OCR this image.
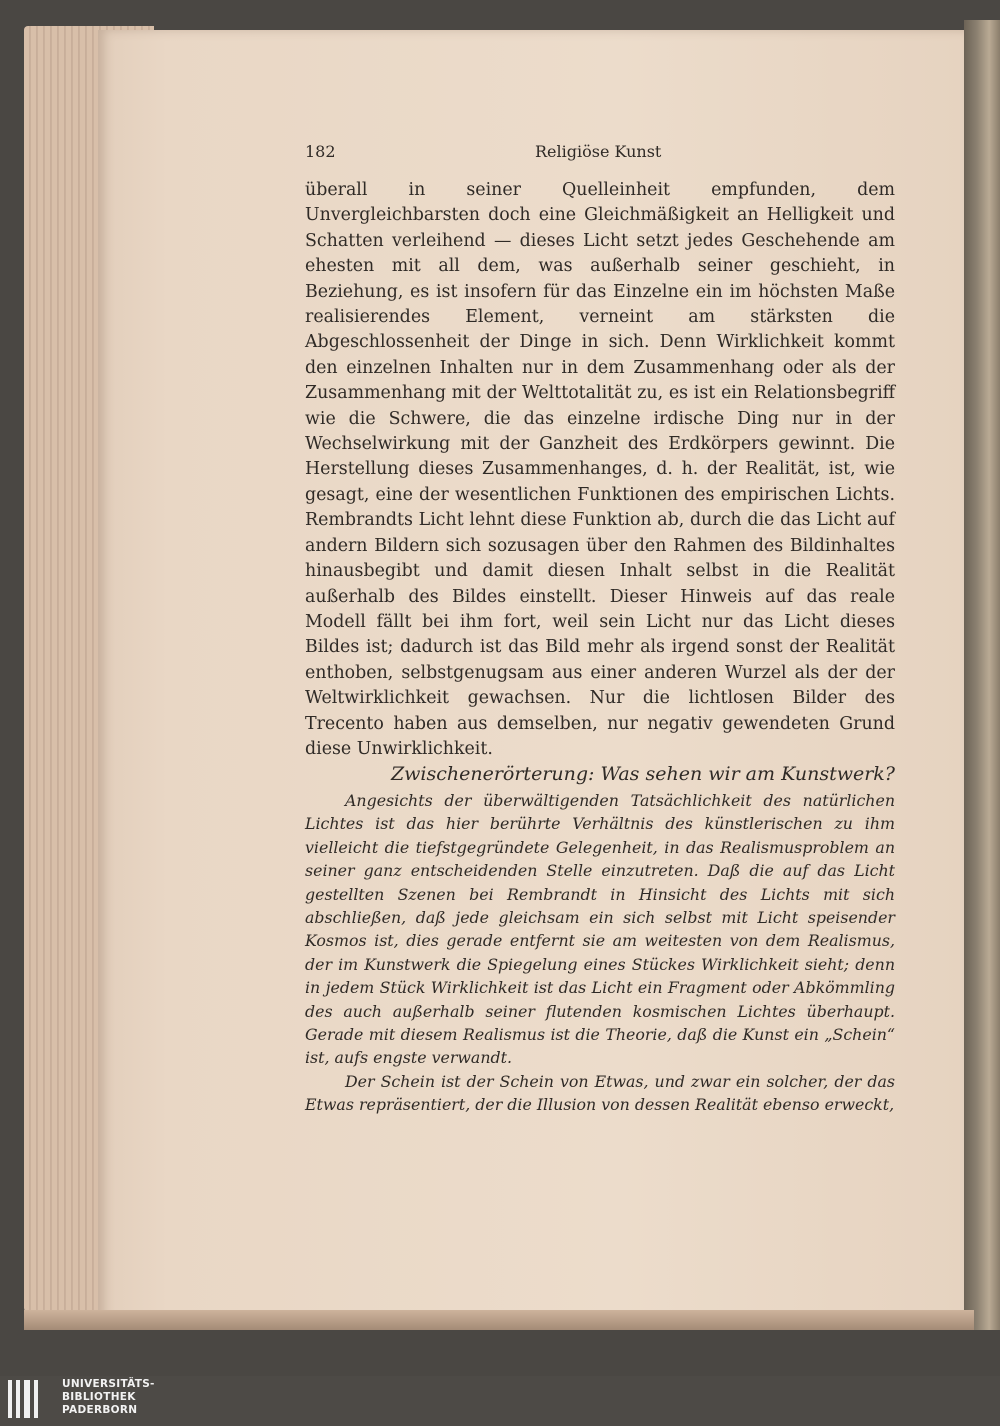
182	Religiöse Kunst

überall in seiner Quelleinheit empfunden, dem Unvergleichbarsten doch eine Gleichmäßigkeit an Helligkeit und Schatten verleihend — dieses Licht setzt jedes Geschehende am ehesten mit all dem, was außerhalb seiner geschieht, in Beziehung, es ist insofern für das Einzelne ein im höchsten Maße realisierendes Element, verneint am stärksten die Abgeschlossenheit der Dinge in sich. Denn Wirklichkeit kommt den einzelnen Inhalten nur in dem Zusammenhang oder als der Zusammenhang mit der Welttotalität zu, es ist ein Relationsbegriff wie die Schwere, die das einzelne irdische Ding nur in der Wechselwirkung mit der Ganzheit des Erdkörpers gewinnt. Die Herstellung dieses Zusammenhanges, d. h. der Realität, ist, wie gesagt, eine der wesentlichen Funktionen des empirischen Lichts. Rembrandts Licht lehnt diese Funktion ab, durch die das Licht auf andern Bildern sich sozusagen über den Rahmen des Bildinhaltes hinausbegibt und damit diesen Inhalt selbst in die Realität außerhalb des Bildes einstellt. Dieser Hinweis auf das reale Modell fällt bei ihm fort, weil sein Licht nur das Licht dieses Bildes ist; dadurch ist das Bild mehr als irgend sonst der Realität enthoben, selbstgenugsam aus einer anderen Wurzel als der der Weltwirklichkeit gewachsen. Nur die lichtlosen Bilder des Trecento haben aus demselben, nur negativ gewendeten Grund diese Unwirklichkeit.

Zwischenerörterung: Was sehen wir am Kunstwerk?

Angesichts der überwältigenden Tatsächlichkeit des natürlichen Lichtes ist das hier berührte Verhältnis des künstlerischen zu ihm vielleicht die tiefstgegründete Gelegenheit, in das Realismusproblem an seiner ganz entscheidenden Stelle einzutreten. Daß die auf das Licht gestellten Szenen bei Rembrandt in Hinsicht des Lichts mit sich abschließen, daß jede gleichsam ein sich selbst mit Licht speisender Kosmos ist, dies gerade entfernt sie am weitesten von dem Realismus, der im Kunstwerk die Spiegelung eines Stückes Wirklichkeit sieht; denn in jedem Stück Wirklichkeit ist das Licht ein Fragment oder Abkömmling des auch außerhalb seiner flutenden kosmischen Lichtes überhaupt. Gerade mit diesem Realismus ist die Theorie, daß die Kunst ein „Schein“ ist, aufs engste verwandt.

Der Schein ist der Schein von Etwas, und zwar ein solcher, der das Etwas repräsentiert, der die Illusion von dessen Realität ebenso erweckt,

UNIVERSITÄTS-
BIBLIOTHEK
PADERBORN
